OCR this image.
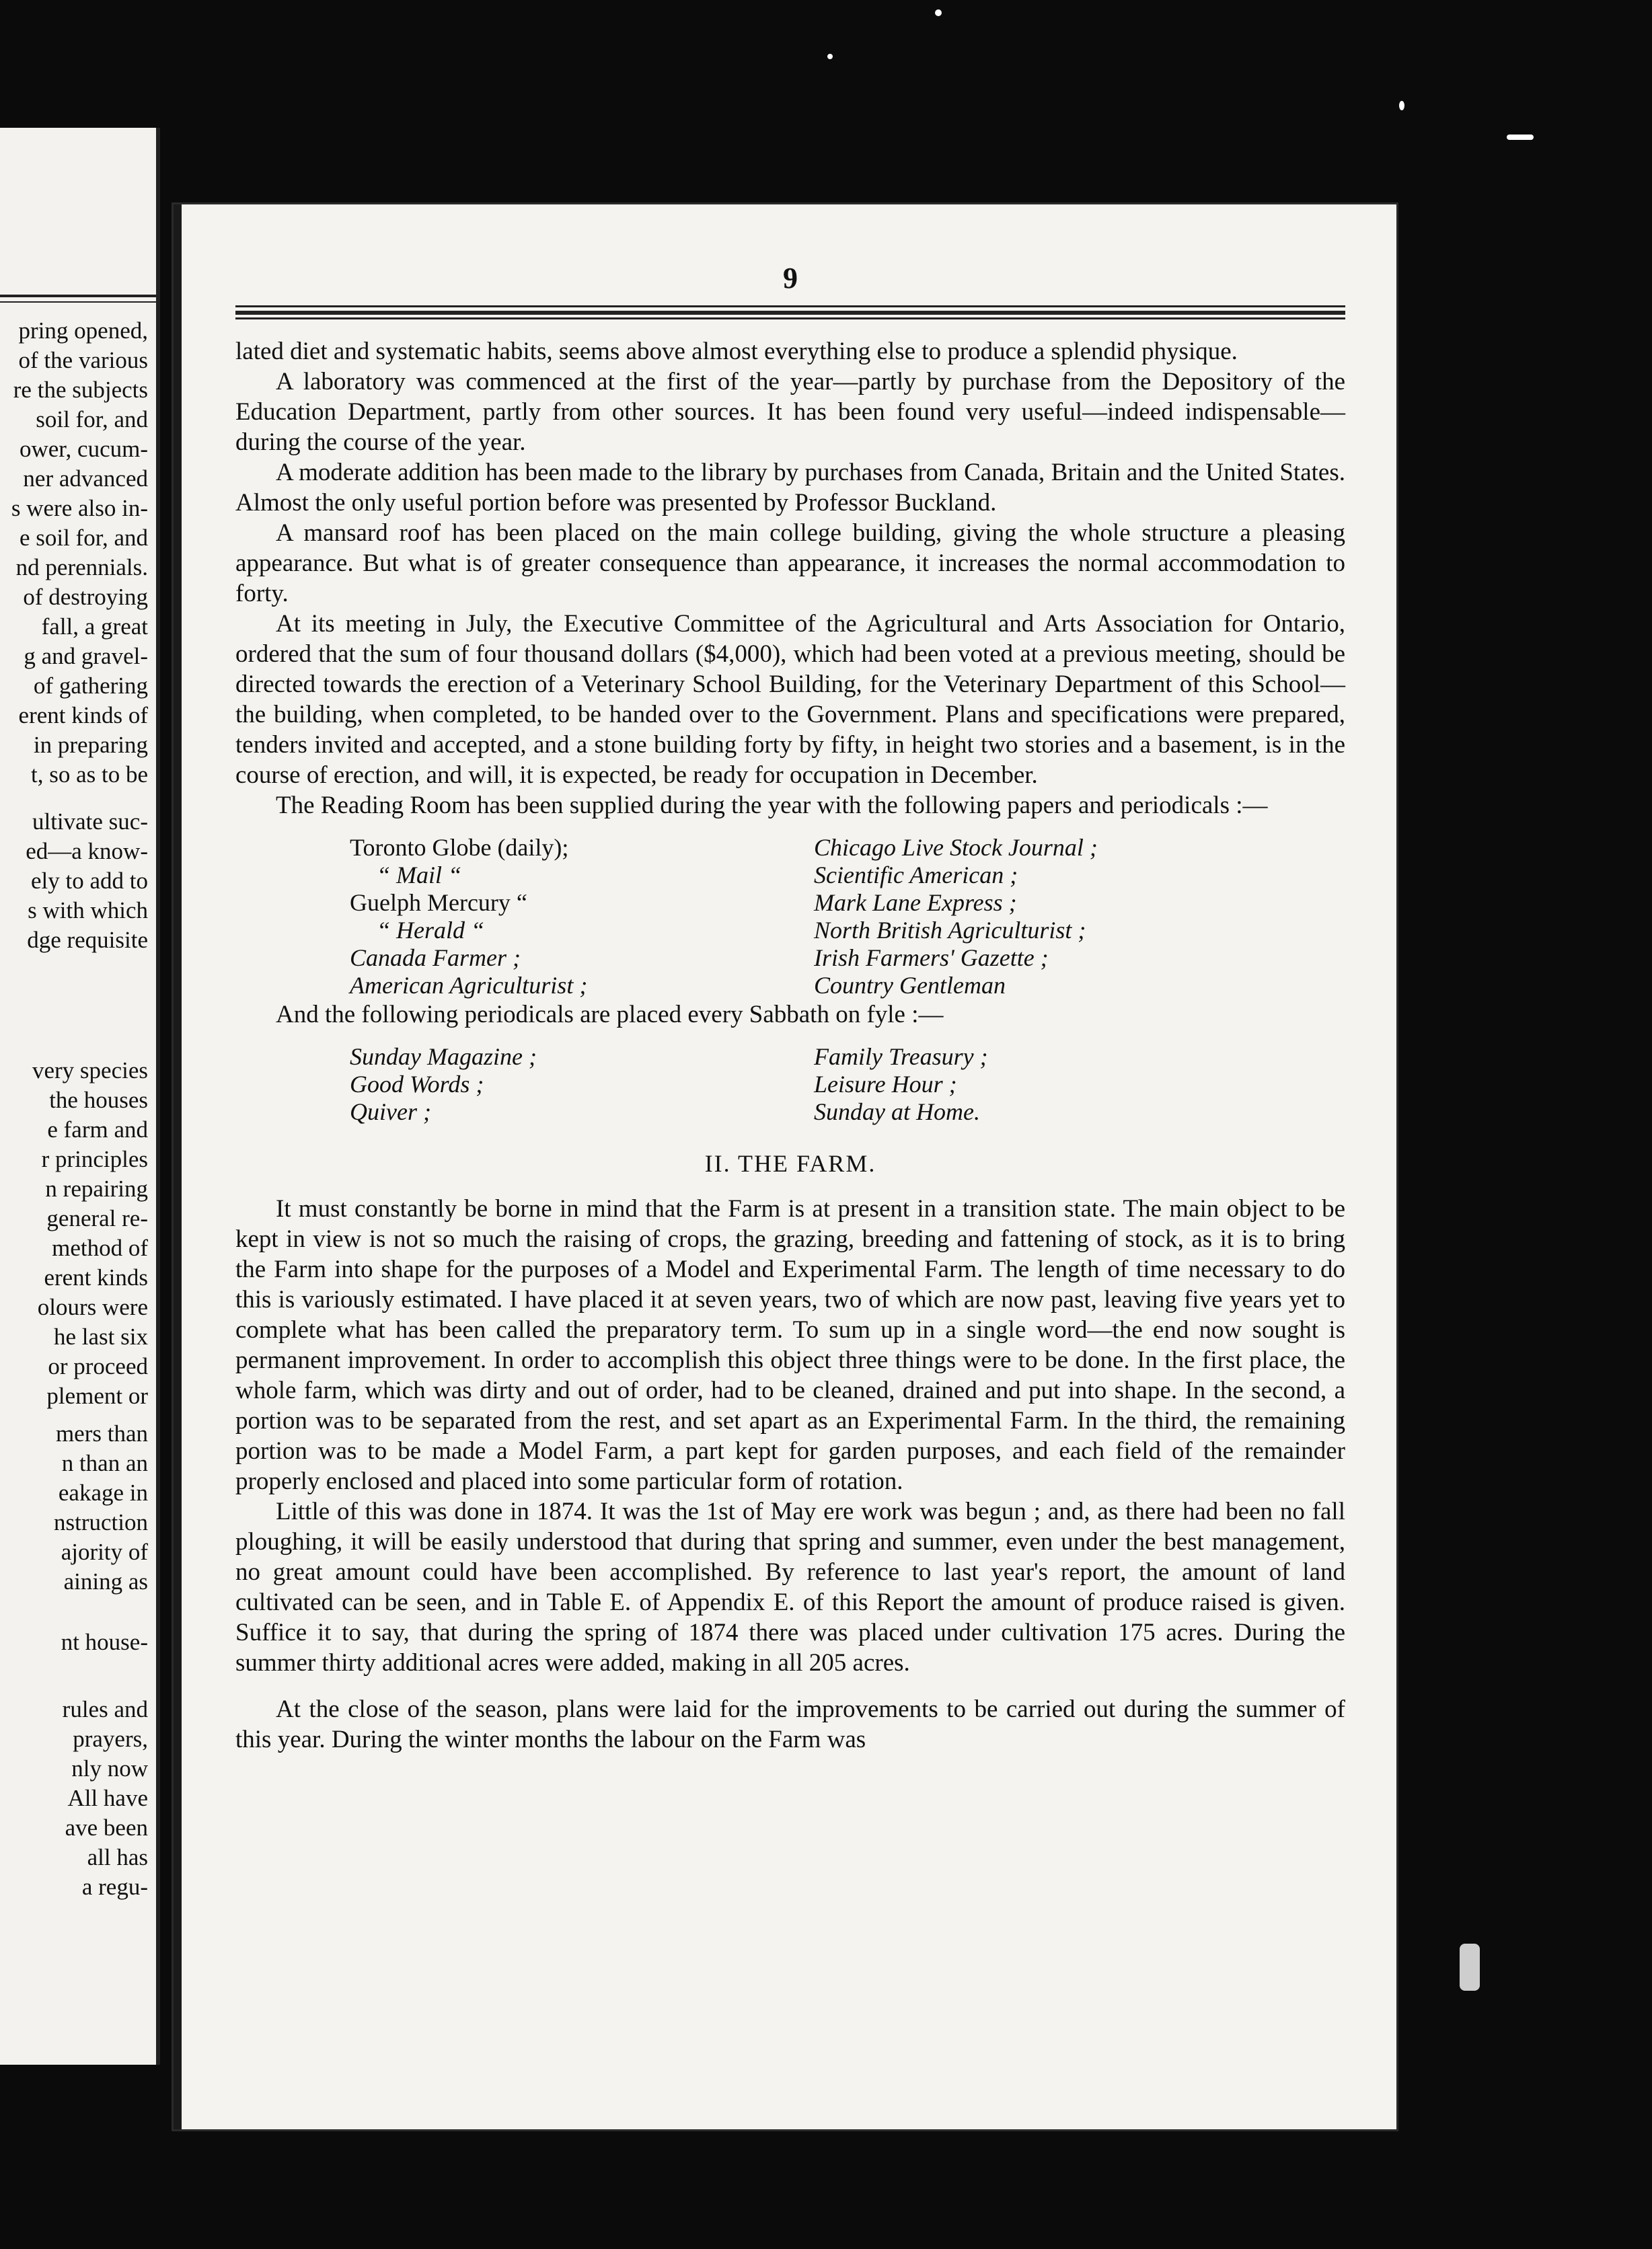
pring opened,
of the various
re the subjects
soil for, and
ower, cucum-
ner advanced
s were also in-
e soil for, and
nd perennials.
of destroying
fall, a great
g and gravel-
of gathering
erent kinds of
in preparing
t, so as to be
ultivate suc-
ed—a know-
ely to add to
s with which
dge requisite
very species
the houses
e farm and
r principles
n repairing
general re-
method of
erent kinds
olours were
he last six
or proceed
plement or
mers than
n than an
eakage in
nstruction
ajority of
aining as
nt house-
rules and
prayers,
nly now
All have
ave been
all has
a regu-
9

lated diet and systematic habits, seems above almost everything else to produce a splendid physique.

A laboratory was commenced at the first of the year—partly by purchase from the Depository of the Education Department, partly from other sources. It has been found very useful—indeed indispensable—during the course of the year.

A moderate addition has been made to the library by purchases from Canada, Britain and the United States. Almost the only useful portion before was presented by Professor Buckland.

A mansard roof has been placed on the main college building, giving the whole structure a pleasing appearance. But what is of greater consequence than appearance, it increases the normal accommodation to forty.

At its meeting in July, the Executive Committee of the Agricultural and Arts Association for Ontario, ordered that the sum of four thousand dollars ($4,000), which had been voted at a previous meeting, should be directed towards the erection of a Veterinary School Building, for the Veterinary Department of this School—the building, when completed, to be handed over to the Government. Plans and specifications were prepared, tenders invited and accepted, and a stone building forty by fifty, in height two stories and a basement, is in the course of erection, and will, it is expected, be ready for occupation in December.

The Reading Room has been supplied during the year with the following papers and periodicals :—

Toronto Globe (daily);
“ Mail “
Guelph Mercury “
“ Herald “
Canada Farmer ;
American Agriculturist ;
Chicago Live Stock Journal ;
Scientific American ;
Mark Lane Express ;
North British Agriculturist ;
Irish Farmers' Gazette ;
Country Gentleman

And the following periodicals are placed every Sabbath on fyle :—

Sunday Magazine ;
Good Words ;
Quiver ;
Family Treasury ;
Leisure Hour ;
Sunday at Home.
II. THE FARM.

It must constantly be borne in mind that the Farm is at present in a transition state. The main object to be kept in view is not so much the raising of crops, the grazing, breeding and fattening of stock, as it is to bring the Farm into shape for the purposes of a Model and Experimental Farm. The length of time necessary to do this is variously estimated. I have placed it at seven years, two of which are now past, leaving five years yet to complete what has been called the preparatory term. To sum up in a single word—the end now sought is permanent improvement. In order to accomplish this object three things were to be done. In the first place, the whole farm, which was dirty and out of order, had to be cleaned, drained and put into shape. In the second, a portion was to be separated from the rest, and set apart as an Experimental Farm. In the third, the remaining portion was to be made a Model Farm, a part kept for garden purposes, and each field of the remainder properly enclosed and placed into some particular form of rotation.

Little of this was done in 1874. It was the 1st of May ere work was begun ; and, as there had been no fall ploughing, it will be easily understood that during that spring and summer, even under the best management, no great amount could have been accomplished. By reference to last year's report, the amount of land cultivated can be seen, and in Table E. of Appendix E. of this Report the amount of produce raised is given. Suffice it to say, that during the spring of 1874 there was placed under cultivation 175 acres. During the summer thirty additional acres were added, making in all 205 acres.

At the close of the season, plans were laid for the improvements to be carried out during the summer of this year. During the winter months the labour on the Farm was
